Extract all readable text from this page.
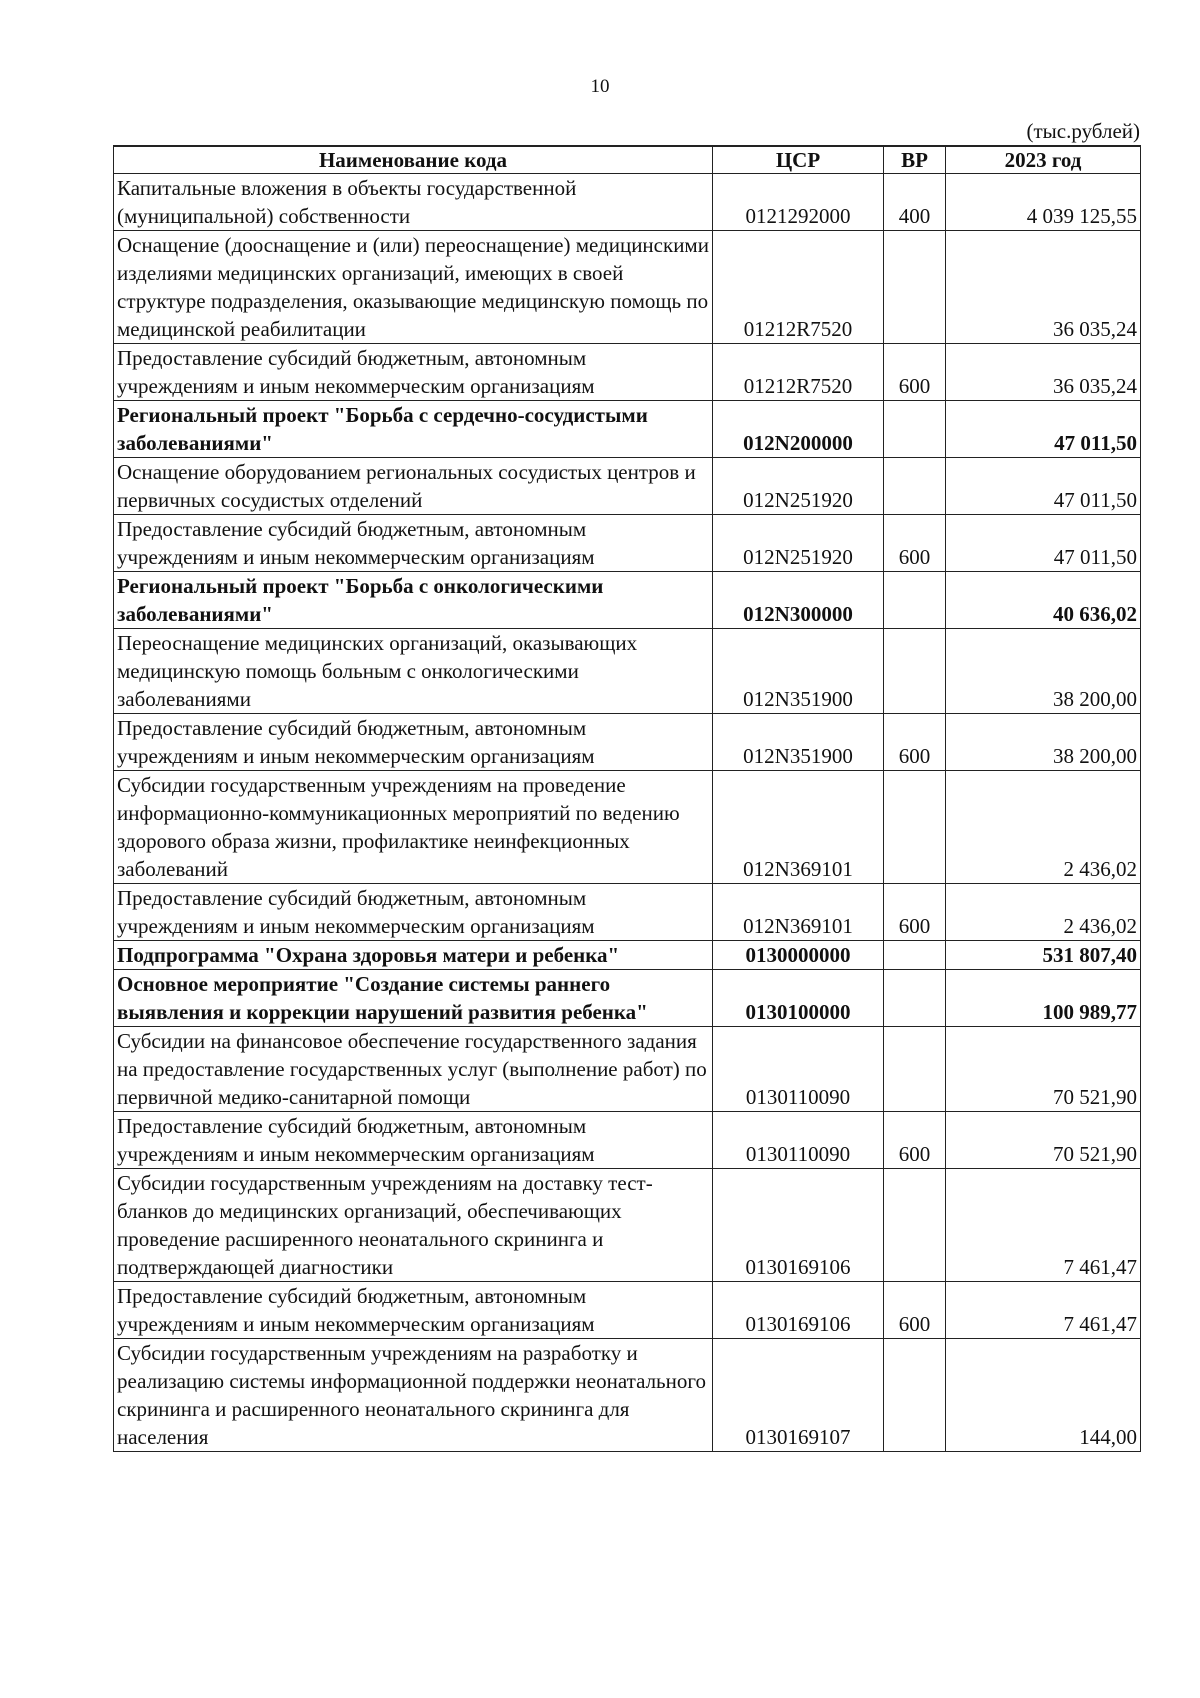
10
(тыс.рублей)
Наименование кода	ЦСР	ВР	2023 год
Капитальные вложения в объекты государственной (муниципальной) собственности	0121292000	400	4 039 125,55
Оснащение (дооснащение и (или) переоснащение) медицинскими изделиями медицинских организаций, имеющих в своей структуре подразделения, оказывающие медицинскую помощь по медицинской реабилитации	01212R7520		36 035,24
Предоставление субсидий бюджетным, автономным учреждениям и иным некоммерческим организациям	01212R7520	600	36 035,24
Региональный проект "Борьба с сердечно-сосудистыми заболеваниями"	012N200000		47 011,50
Оснащение оборудованием региональных сосудистых центров и первичных сосудистых отделений	012N251920		47 011,50
Предоставление субсидий бюджетным, автономным учреждениям и иным некоммерческим организациям	012N251920	600	47 011,50
Региональный проект "Борьба с онкологическими заболеваниями"	012N300000		40 636,02
Переоснащение медицинских организаций, оказывающих медицинскую помощь больным с онкологическими заболеваниями	012N351900		38 200,00
Предоставление субсидий бюджетным, автономным учреждениям и иным некоммерческим организациям	012N351900	600	38 200,00
Субсидии государственным учреждениям на проведение информационно-коммуникационных мероприятий по ведению здорового образа жизни, профилактике неинфекционных заболеваний	012N369101		2 436,02
Предоставление субсидий бюджетным, автономным учреждениям и иным некоммерческим организациям	012N369101	600	2 436,02
Подпрограмма "Охрана здоровья матери и ребенка"	0130000000		531 807,40
Основное мероприятие "Создание системы раннего выявления и коррекции нарушений развития ребенка"	0130100000		100 989,77
Субсидии на финансовое обеспечение государственного задания на предоставление государственных услуг (выполнение работ) по первичной медико-санитарной помощи	0130110090		70 521,90
Предоставление субсидий бюджетным, автономным учреждениям и иным некоммерческим организациям	0130110090	600	70 521,90
Субсидии государственным учреждениям на доставку тест-бланков до медицинских организаций, обеспечивающих проведение расширенного неонатального скрининга и подтверждающей диагностики	0130169106		7 461,47
Предоставление субсидий бюджетным, автономным учреждениям и иным некоммерческим организациям	0130169106	600	7 461,47
Субсидии государственным учреждениям на разработку и реализацию системы информационной поддержки неонатального скрининга и расширенного неонатального скрининга для населения	0130169107		144,00
